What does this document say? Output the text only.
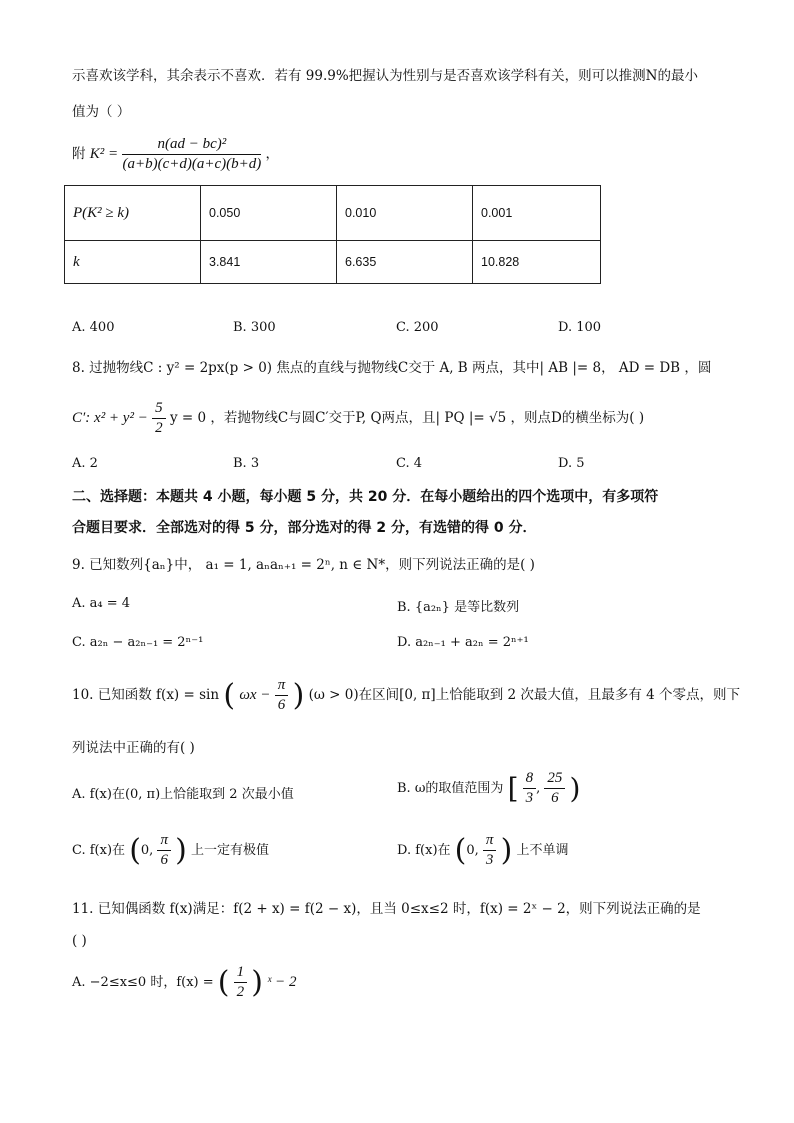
示喜欢该学科，其余表示不喜欢．若有 99.9%把握认为性别与是否喜欢该学科有关，则可以推测N的最小
值为（ ）
附 $K^2 = \frac{\text{n(ad − bc)²}}{(a+b)(c+d)(a+c)(b+d)}$ ，
P(K² ≥ k)	0.050	0.010	0.001
k	3.841	6.635	10.828
A. 400	B. 300	C. 200	D. 100
8. 过抛物线C : y² = 2px(p > 0) 焦点的直线与抛物线C交于 A, B 两点，其中| AB |= 8， AD = DB ，圆
C′: $x^2 + y^2 - \frac{5}{2}$ y = 0 ，若抛物线C与圆C′交于P, Q两点，且| PQ |= √5 ，则点D的横坐标为( )
A. 2	B. 3	C. 4	D. 5
二、选择题：本题共 4 小题，每小题 5 分，共 20 分．在每小题给出的四个选项中，有多项符
合题目要求．全部选对的得 5 分，部分选对的得 2 分，有选错的得 0 分．
9. 已知数列{aₙ}中， a₁ = 1, aₙaₙ₊₁ = 2ⁿ, n ∈ N*，则下列说法正确的是( )
A. a₄ = 4	B. {a₂ₙ} 是等比数列
C. a₂ₙ − a₂ₙ₋₁ = 2ⁿ⁻¹	D. a₂ₙ₋₁ + a₂ₙ = 2ⁿ⁺¹
10. 已知函数 f(x) = sin ( $\omega x - \frac{\pi}{6}$ ) (ω > 0)在区间[0, π]上恰能取到 2 次最大值，且最多有 4 个零点，则下
列说法中正确的有( )
A. f(x)在(0, π)上恰能取到 2 次最小值	B. ω的取值范围为 [ $\frac{8}{3}$ , $\frac{25}{6}$ )
C. f(x)在 (0, $\frac{\pi}{6}$ ) 上一定有极值	D. f(x)在 (0, $\frac{\pi}{3}$ ) 上不单调
11. 已知偶函数 f(x)满足：f(2 + x) = f(2 − x)，且当 0≤x≤2 时，f(x) = 2ˣ − 2，则下列说法正确的是
( )
A. −2≤x≤0 时，f(x) = ( $\frac{1}{2}$ ) ˣ − 2
